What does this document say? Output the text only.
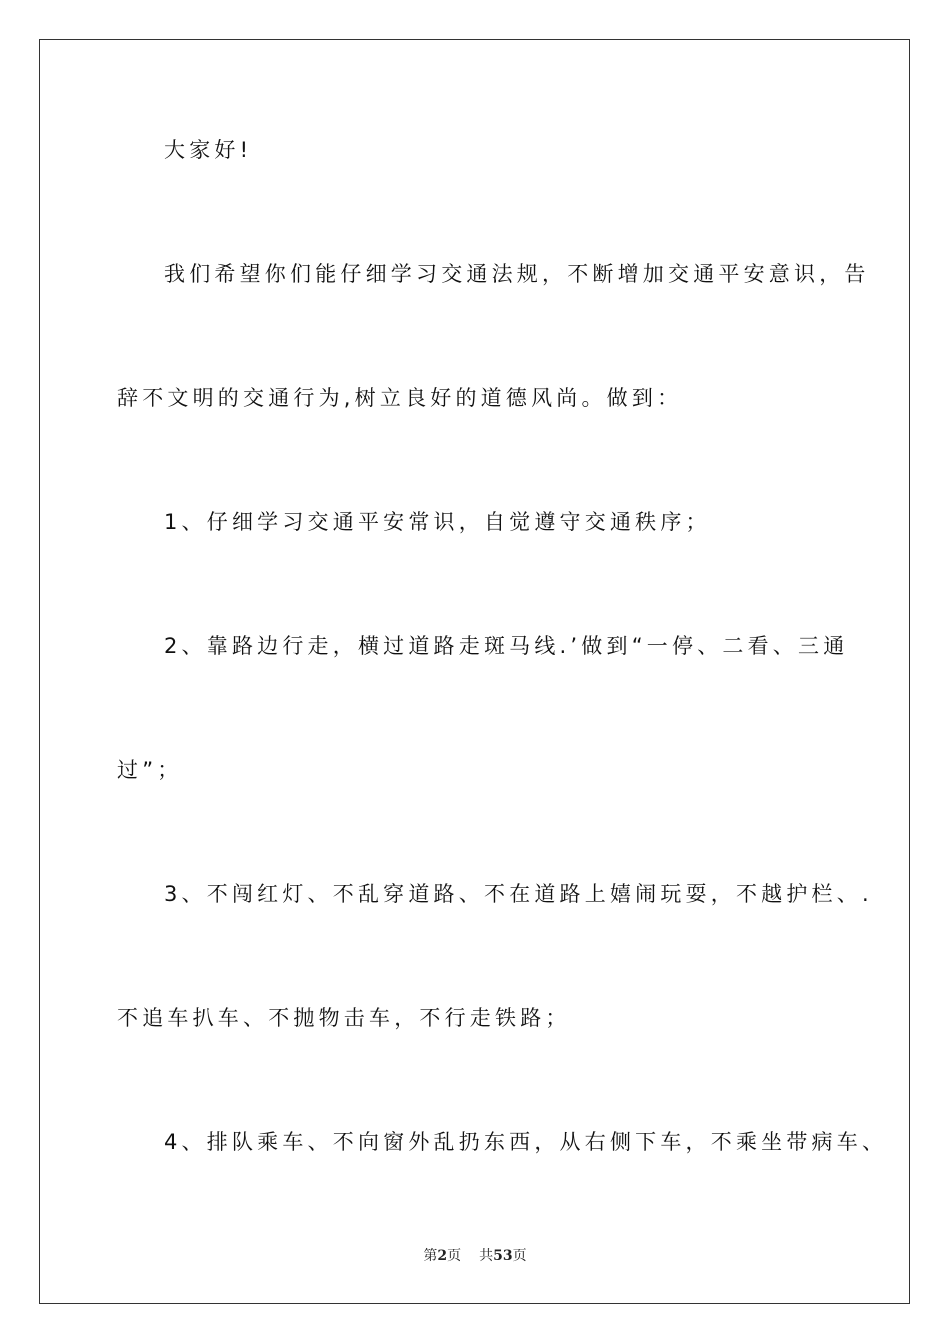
大家好!
我们希望你们能仔细学习交通法规，不断增加交通平安意识，告
辞不文明的交通行为,树立良好的道德风尚。做到：
1、仔细学习交通平安常识，自觉遵守交通秩序；
2、靠路边行走，横过道路走斑马线.’做到“一停、二看、三通
过”；
3、不闯红灯、不乱穿道路、不在道路上嬉闹玩耍，不越护栏、.
不追车扒车、不抛物击车，不行走铁路；
4、排队乘车、不向窗外乱扔东西，从右侧下车，不乘坐带病车、
第2页 共53页
